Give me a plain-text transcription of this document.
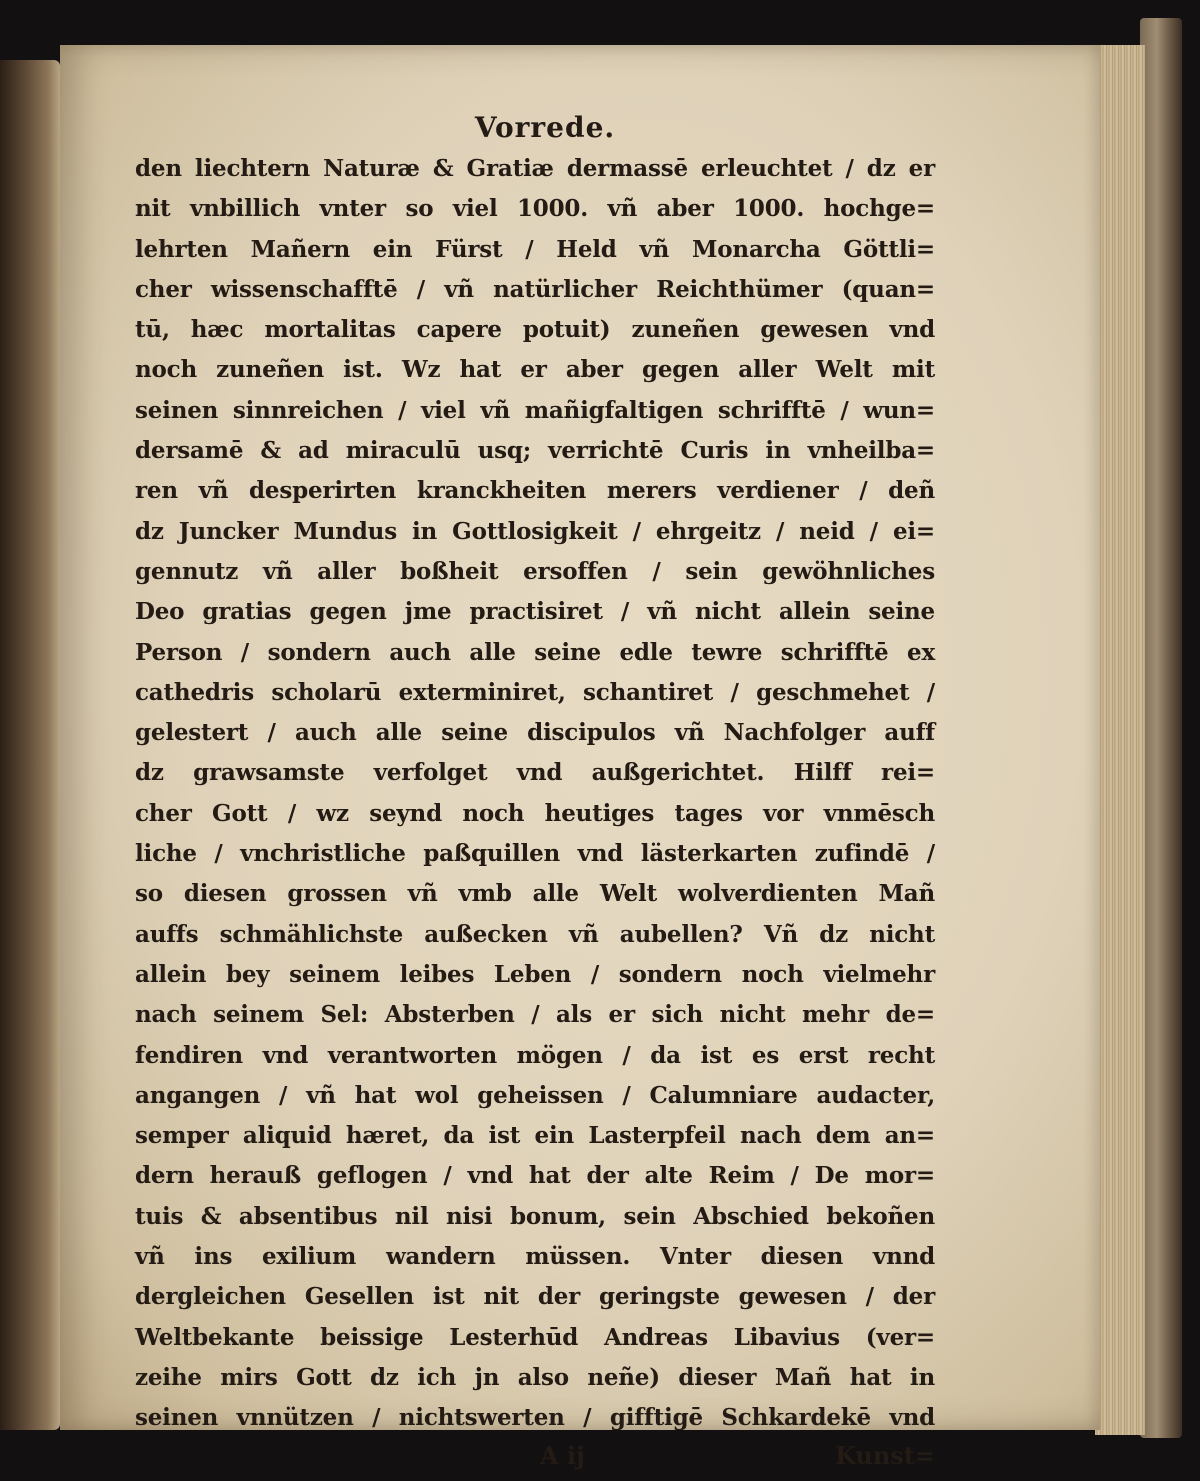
Vorrede.
den liechtern Naturæ & Gratiæ dermassē erleuchtet / dz er
nit vnbillich vnter so viel 1000. vñ aber 1000. hochge=
lehrten Mañern ein Fürst / Held vñ Monarcha Göttli=
cher wissenschafftē / vñ natürlicher Reichthümer (quan=
tū, hæc mortalitas capere potuit) zuneñen gewesen vnd
noch zuneñen ist. Wz hat er aber gegen aller Welt mit
seinen sinnreichen / viel vñ mañigfaltigen schrifftē / wun=
dersamē & ad miraculū usq; verrichtē Curis in vnheilba=
ren vñ desperirten kranckheiten merers verdiener / deñ
dz Juncker Mundus in Gottlosigkeit / ehrgeitz / neid / ei=
gennutz vñ aller boßheit ersoffen / sein gewöhnliches
Deo gratias gegen jme practisiret / vñ nicht allein seine
Person / sondern auch alle seine edle tewre schrifftē ex
cathedris scholarū exterminiret, schantiret / geschmehet /
gelestert / auch alle seine discipulos vñ Nachfolger auff
dz grawsamste verfolget vnd außgerichtet. Hilff rei=
cher Gott / wz seynd noch heutiges tages vor vnmēsch
liche / vnchristliche paßquillen vnd lästerkarten zufindē /
so diesen grossen vñ vmb alle Welt wolverdienten Mañ
auffs schmählichste außecken vñ aubellen? Vñ dz nicht
allein bey seinem leibes Leben / sondern noch vielmehr
nach seinem Sel: Absterben / als er sich nicht mehr de=
fendiren vnd verantworten mögen / da ist es erst recht
angangen / vñ hat wol geheissen / Calumniare audacter,
semper aliquid hæret, da ist ein Lasterpfeil nach dem an=
dern herauß geflogen / vnd hat der alte Reim / De mor=
tuis & absentibus nil nisi bonum, sein Abschied bekoñen
vñ ins exilium wandern müssen. Vnter diesen vnnd
dergleichen Gesellen ist nit der geringste gewesen / der
Weltbekante beissige Lesterhūd Andreas Libavius (ver=
zeihe mirs Gott dz ich jn also neñe) dieser Mañ hat in
seinen vnnützen / nichtswerten / gifftigē Schkardekē vnd
A ij	Kunst=
